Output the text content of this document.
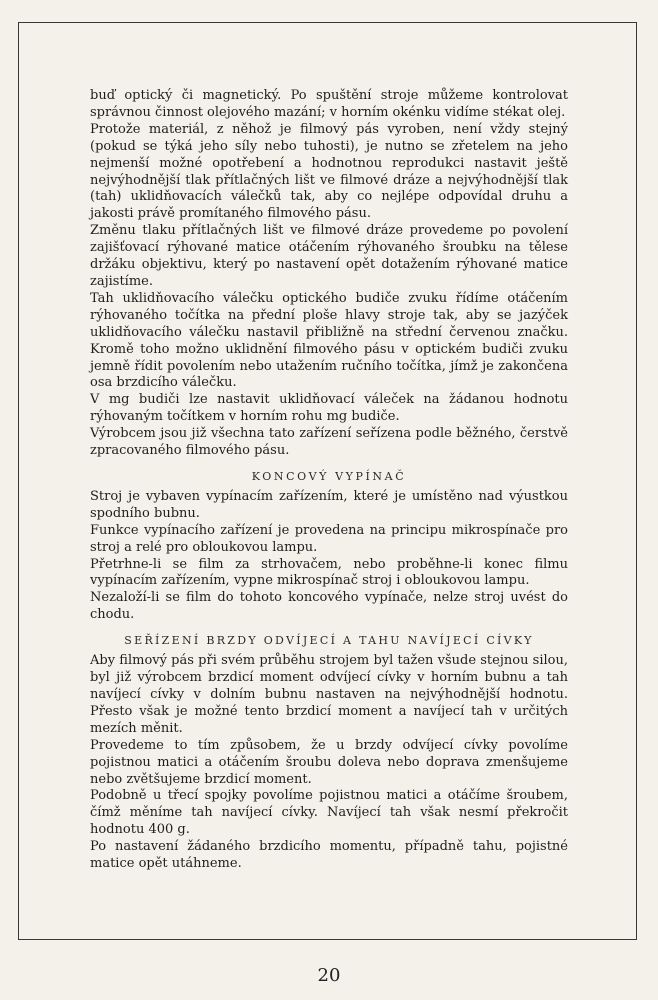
buď optický či magnetický. Po spuštění stroje můžeme kontrolovat správnou činnost olejového mazání; v horním okénku vidíme stékat olej.

Protože materiál, z něhož je filmový pás vyroben, není vždy stejný (pokud se týká jeho síly nebo tuhosti), je nutno se zřetelem na jeho nejmenší možné opotřebení a hodnotnou reprodukci nastavit ještě nejvýhodnější tlak přítlačných lišt ve filmové dráze a nejvýhodnější tlak (tah) uklidňovacích válečků tak, aby co nejlépe odpovídal druhu a jakosti právě promítaného filmového pásu.

Změnu tlaku přítlačných lišt ve filmové dráze provedeme po povolení zajišťovací rýhované matice otáčením rýhovaného šroubku na tělese držáku objektivu, který po nastavení opět dotažením rýhované matice zajistíme.

Tah uklidňovacího válečku optického budiče zvuku řídíme otáčením rýhovaného točítka na přední ploše hlavy stroje tak, aby se jazýček uklidňovacího válečku nastavil přibližně na střední červenou značku. Kromě toho možno uklidnění filmového pásu v optickém budiči zvuku jemně řídit povolením nebo utažením ručního točítka, jímž je zakončena osa brzdicího válečku.

V mg budiči lze nastavit uklidňovací váleček na žádanou hodnotu rýhovaným točítkem v horním rohu mg budiče.

Výrobcem jsou již všechna tato zařízení seřízena podle běžného, čerstvě zpracovaného filmového pásu.

KONCOVÝ VYPÍNAČ

Stroj je vybaven vypínacím zařízením, které je umístěno nad výustkou spodního bubnu.

Funkce vypínacího zařízení je provedena na principu mikrospínače pro stroj a relé pro obloukovou lampu.

Přetrhne-li se film za strhovačem, nebo proběhne-li konec filmu vypínacím zařízením, vypne mikrospínač stroj i obloukovou lampu.

Nezaloží-li se film do tohoto koncového vypínače, nelze stroj uvést do chodu.

SEŘÍZENÍ BRZDY ODVÍJECÍ A TAHU NAVÍJECÍ CÍVKY

Aby filmový pás při svém průběhu strojem byl tažen všude stejnou silou, byl již výrobcem brzdicí moment odvíjecí cívky v horním bubnu a tah navíjecí cívky v dolním bubnu nastaven na nejvýhodnější hodnotu. Přesto však je možné tento brzdicí moment a navíjecí tah v určitých mezích měnit.

Provedeme to tím způsobem, že u brzdy odvíjecí cívky povolíme pojistnou matici a otáčením šroubu doleva nebo doprava zmenšujeme nebo zvětšujeme brzdicí moment.

Podobně u třecí spojky povolíme pojistnou matici a otáčíme šroubem, čímž měníme tah navíjecí cívky. Navíjecí tah však nesmí překročit hodnotu 400 g.

Po nastavení žádaného brzdicího momentu, případně tahu, pojistné matice opět utáhneme.

20
